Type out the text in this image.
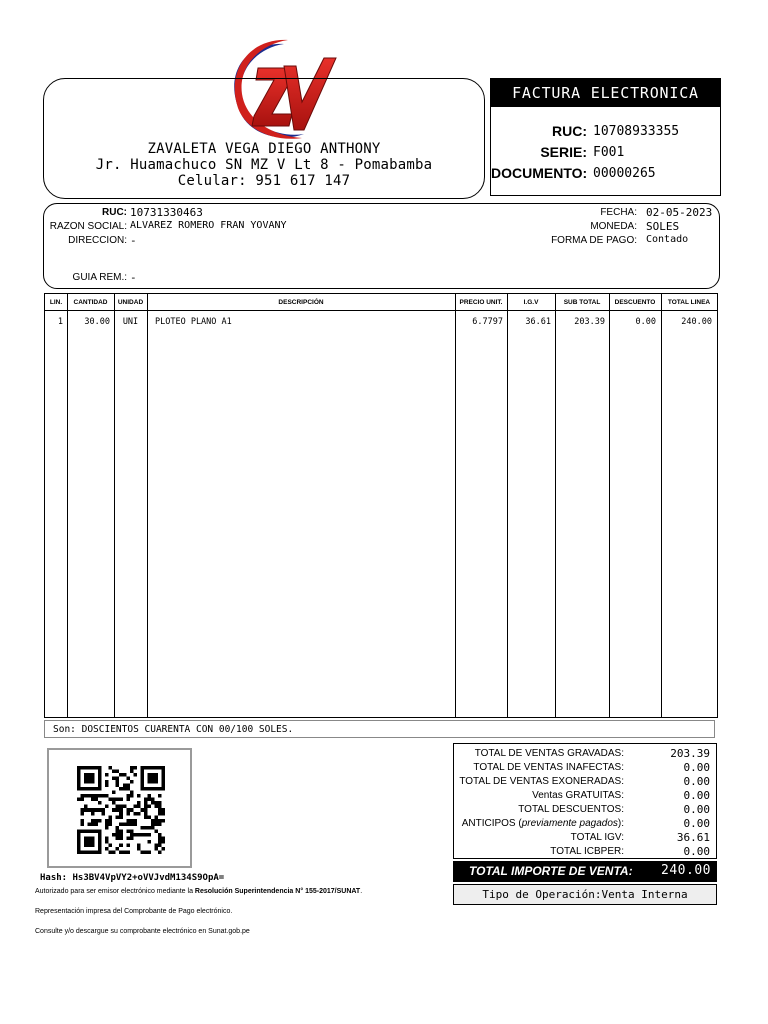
ZAVALETA VEGA DIEGO ANTHONY
Jr. Huamachuco SN MZ V Lt 8 - Pomabamba
Celular: 951 617 147
FACTURA ELECTRONICA
RUC: 10708933355
SERIE: F001
DOCUMENTO: 00000265
RUC: 10731330463
RAZON SOCIAL: ALVAREZ ROMERO FRAN YOVANY
DIRECCION: -
GUIA REM.: -
FECHA: 02-05-2023
MONEDA: SOLES
FORMA DE PAGO: Contado
LIN.	CANTIDAD	UNIDAD	DESCRIPCIÓN	PRECIO UNIT.	I.G.V	SUB TOTAL	DESCUENTO	TOTAL LINEA
1	30.00	UNI	PLOTEO PLANO A1	6.7797	36.61	203.39	0.00	240.00
Son: DOSCIENTOS CUARENTA CON 00/100 SOLES.
Hash: Hs3BV4VpVY2+oVVJvdM134S9OpA=
Autorizado para ser emisor electrónico mediante la Resolución Superintendencia N° 155-2017/SUNAT.
Representación impresa del Comprobante de Pago electrónico.
Consulte y/o descargue su comprobante electrónico en Sunat.gob.pe
TOTAL DE VENTAS GRAVADAS:	203.39
TOTAL DE VENTAS INAFECTAS:	0.00
TOTAL DE VENTAS EXONERADAS:	0.00
Ventas GRATUITAS:	0.00
TOTAL DESCUENTOS:	0.00
ANTICIPOS (previamente pagados):	0.00
TOTAL IGV:	36.61
TOTAL ICBPER:	0.00
TOTAL IMPORTE DE VENTA: 240.00
Tipo de Operación:Venta Interna
